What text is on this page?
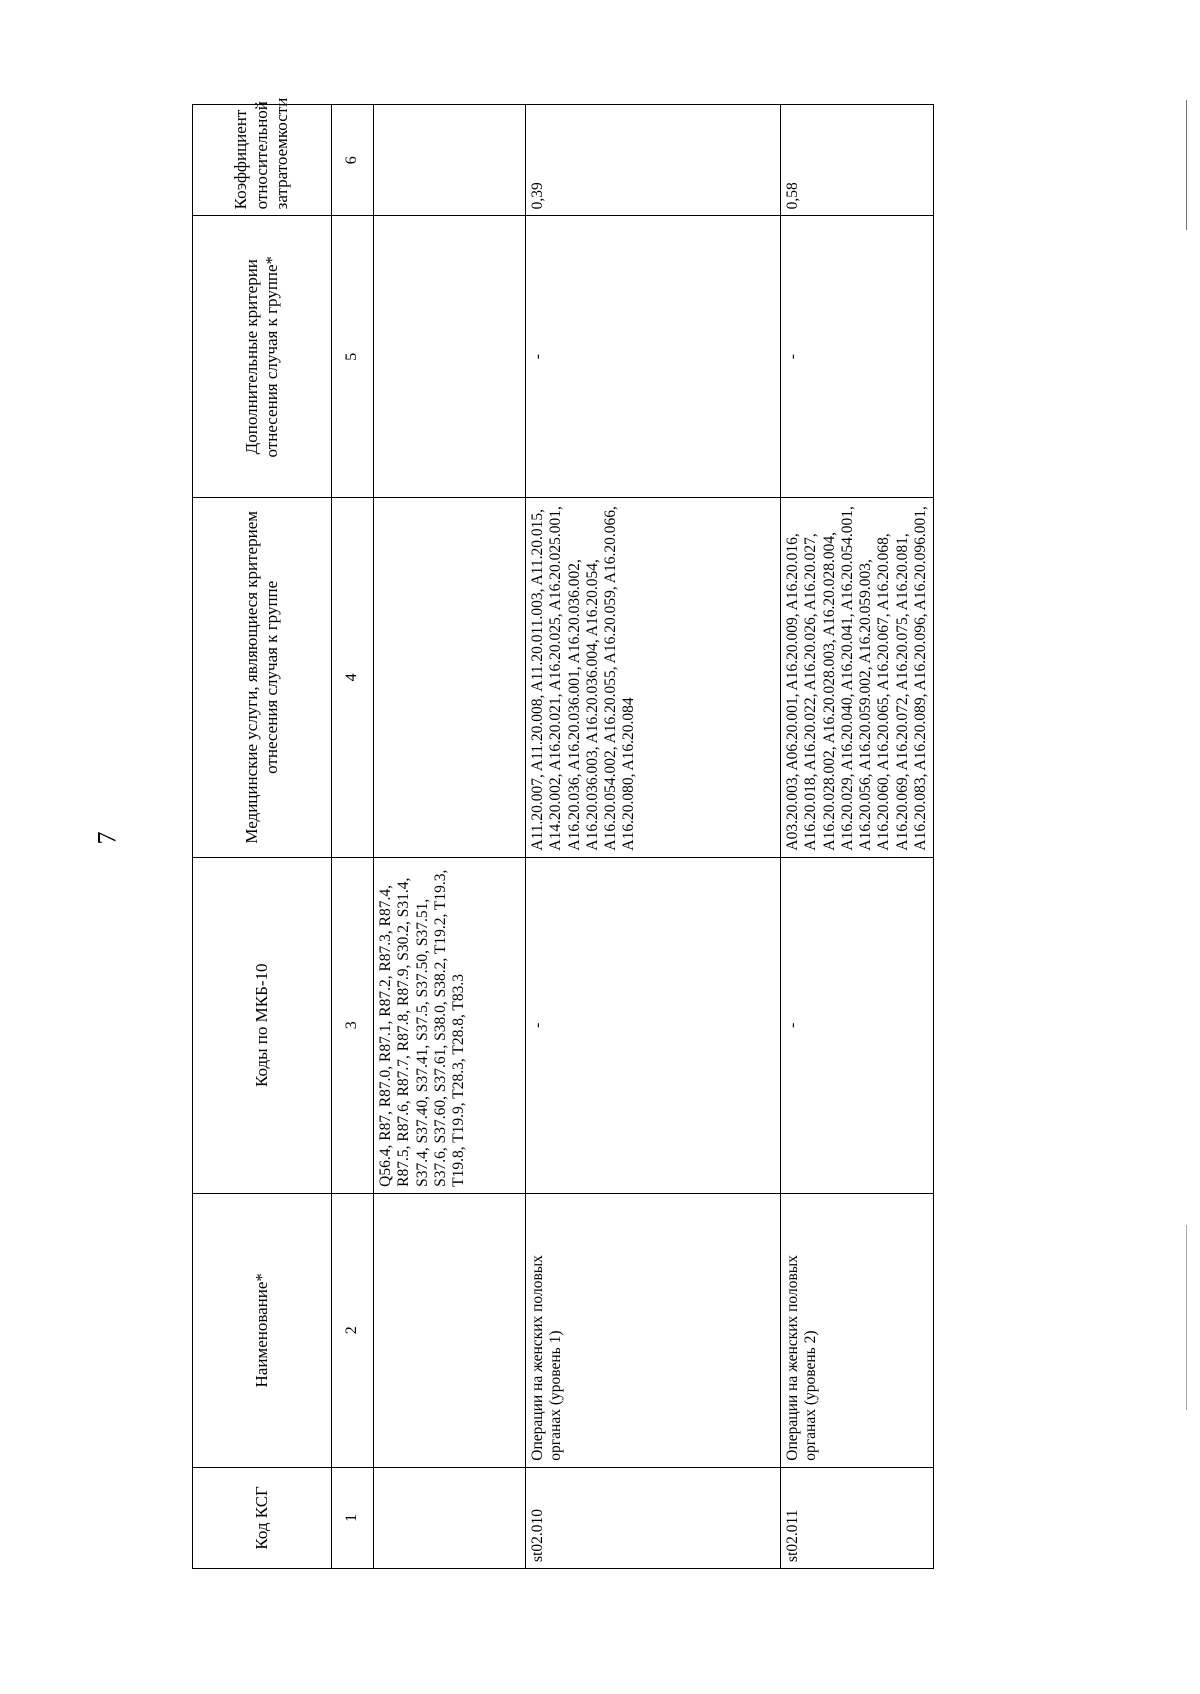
7
Код КСГ	Наименование*	Коды по МКБ-10	Медицинские услуги, являющиеся критерием отнесения случая к группе	Дополнительные критерии отнесения случая к группе*	Коэффициент относительной затратоемкости
1	2	3	4	5	6
		Q56.4, R87, R87.0, R87.1, R87.2, R87.3, R87.4, R87.5, R87.6, R87.7, R87.8, R87.9, S30.2, S31.4, S37.4, S37.40, S37.41, S37.5, S37.50, S37.51, S37.6, S37.60, S37.61, S38.0, S38.2, T19.2, T19.3, T19.8, T19.9, T28.3, T28.8, T83.3			
st02.010	Операции на женских половых органах (уровень 1)	-	A11.20.007, A11.20.008, A11.20.011.003, A11.20.015, A14.20.002, A16.20.021, A16.20.025, A16.20.025.001, A16.20.036, A16.20.036.001, A16.20.036.002, A16.20.036.003, A16.20.036.004, A16.20.054, A16.20.054.002, A16.20.055, A16.20.059, A16.20.066, A16.20.080, A16.20.084	-	0,39
st02.011	Операции на женских половых органах (уровень 2)	-	A03.20.003, A06.20.001, A16.20.009, A16.20.016, A16.20.018, A16.20.022, A16.20.026, A16.20.027, A16.20.028.002, A16.20.028.003, A16.20.028.004, A16.20.029, A16.20.040, A16.20.041, A16.20.054.001, A16.20.056, A16.20.059.002, A16.20.059.003, A16.20.060, A16.20.065, A16.20.067, A16.20.068, A16.20.069, A16.20.072, A16.20.075, A16.20.081, A16.20.083, A16.20.089, A16.20.096, A16.20.096.001,	-	0,58
